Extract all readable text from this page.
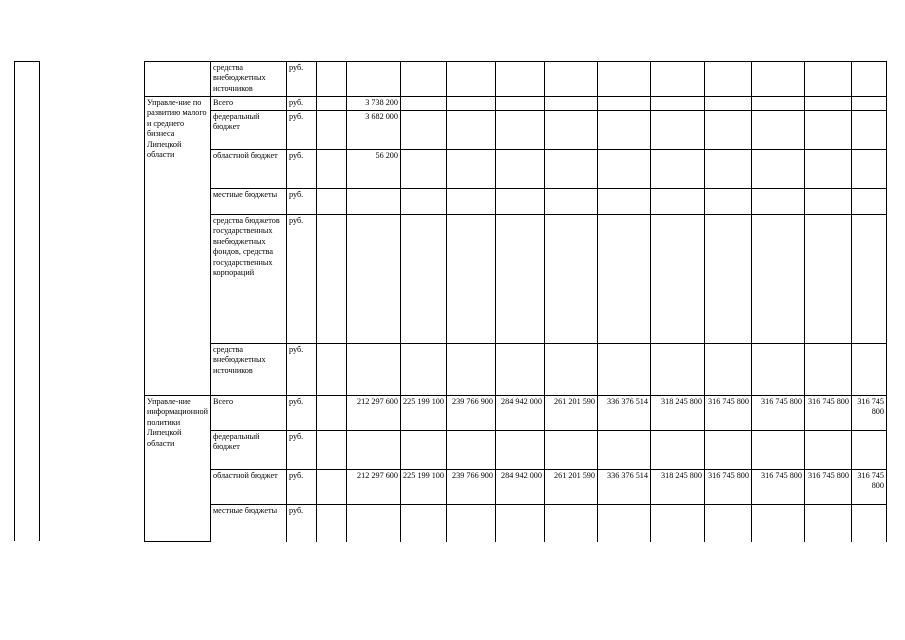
	средства внебюджетных источников	руб.												
Управле-ние по развитию малого и среднего бизнеса Липецкой области	Всего	руб.		3 738 200										
	федеральный бюджет	руб.		3 682 000										
	областной бюджет	руб.		56 200										
	местные бюджеты	руб.												
	средства бюджетов государственных внебюджетных фондов, средства государственных корпораций	руб.												
	средства внебюджетных источников	руб.												
Управле-ние информационной политики Липецкой области	Всего	руб.		212 297 600	225 199 100	239 766 900	284 942 000	261 201 590	336 376 514	318 245 800	316 745 800	316 745 800	316 745 800	316 745 800
	федеральный бюджет	руб.												
	областной бюджет	руб.		212 297 600	225 199 100	239 766 900	284 942 000	261 201 590	336 376 514	318 245 800	316 745 800	316 745 800	316 745 800	316 745 800
	местные бюджеты	руб.												
